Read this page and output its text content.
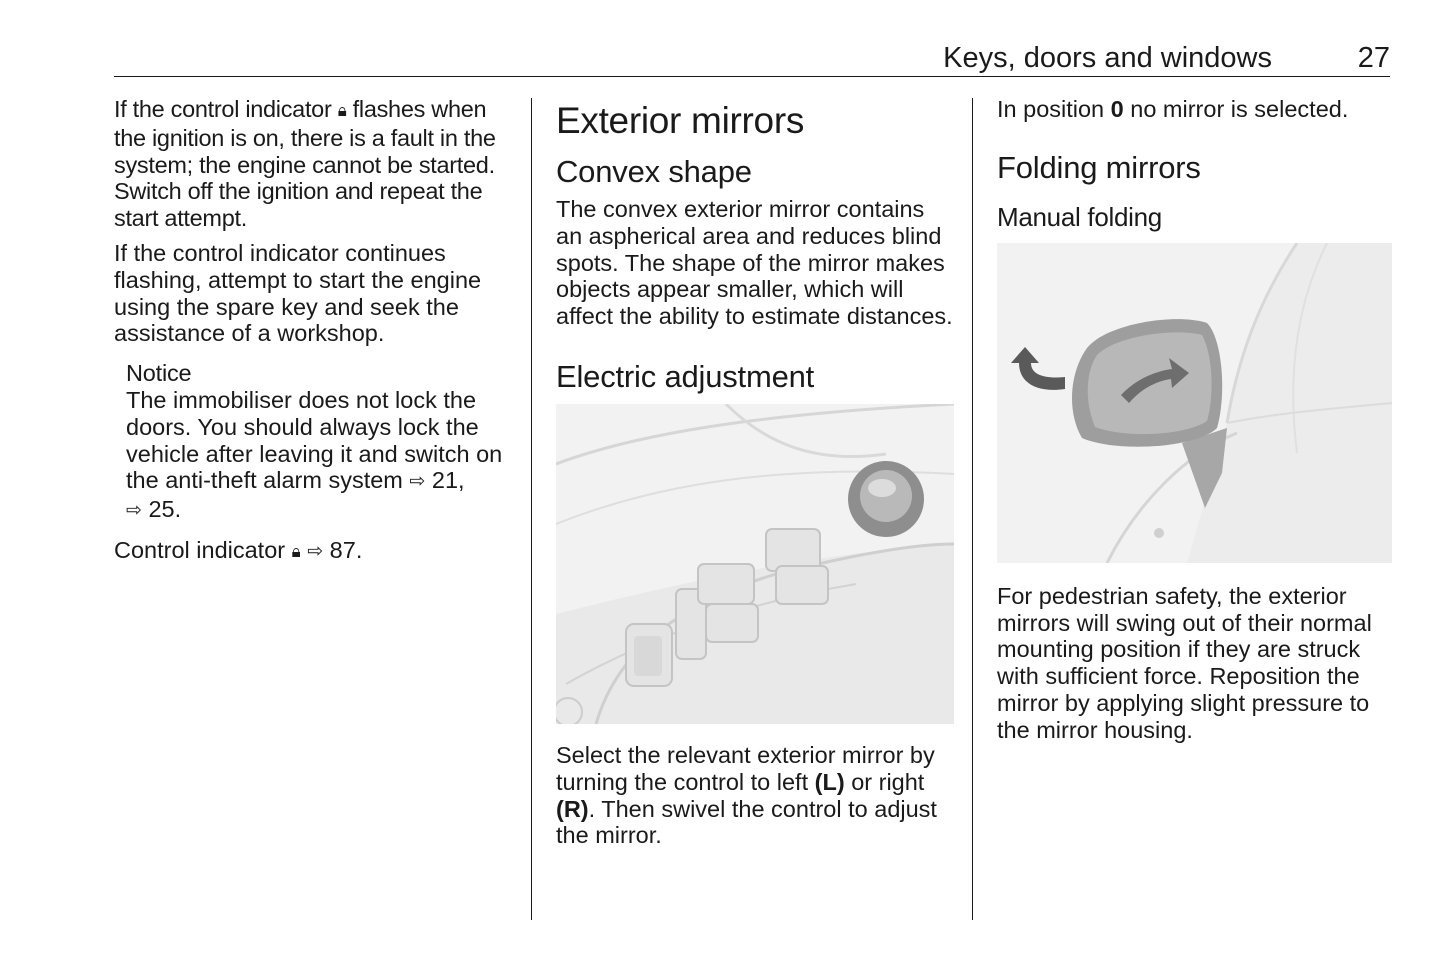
Keys, doors and windows	27

If the control indicator 🔒︎ flashes when the ignition is on, there is a fault in the system; the engine cannot be started. Switch off the ignition and repeat the start attempt.

If the control indicator continues flashing, attempt to start the engine using the spare key and seek the assistance of a workshop.

Notice

The immobiliser does not lock the doors. You should always lock the vehicle after leaving it and switch on the anti-theft alarm system ⇨ 21,
⇨ 25.

Control indicator 🔒︎ ⇨ 87.

Exterior mirrors
Convex shape

The convex exterior mirror contains an aspherical area and reduces blind spots. The shape of the mirror makes objects appear smaller, which will affect the ability to estimate distances.

Electric adjustment

Select the relevant exterior mirror by turning the control to left (L) or right (R). Then swivel the control to adjust the mirror.

In position 0 no mirror is selected.

Folding mirrors
Manual folding

For pedestrian safety, the exterior mirrors will swing out of their normal mounting position if they are struck with sufficient force. Reposition the mirror by applying slight pressure to the mirror housing.
